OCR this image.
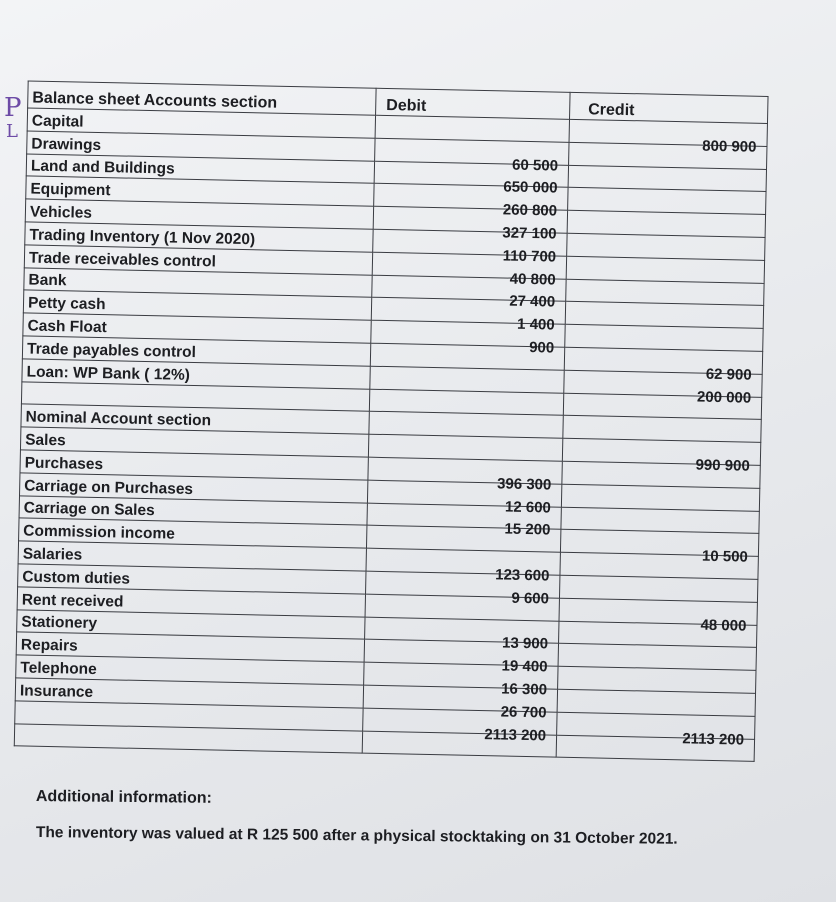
P
L
Balance sheet Accounts section	Debit	Credit
Capital		800 900
Drawings	60 500	
Land and Buildings	650 000	
Equipment	260 800	
Vehicles	327 100	
Trading Inventory (1 Nov 2020)	110 700	
Trade receivables control	40 800	
Bank	27 400	
Petty cash	1 400	
Cash Float	900	
Trade payables control		62 900
Loan: WP Bank ( 12%)		200 000

Nominal Account section		
Sales		990 900
Purchases	396 300	
Carriage on Purchases	12 600	
Carriage on Sales	15 200	
Commission income		10 500
Salaries	123 600	
Custom duties	9 600	
Rent received		48 000
Stationery	13 900	
Repairs	19 400	
Telephone	16 300	
Insurance	26 700	
	2113 200	2113 200

Additional information:
The inventory was valued at R 125 500 after a physical stocktaking on 31 October 2021.
